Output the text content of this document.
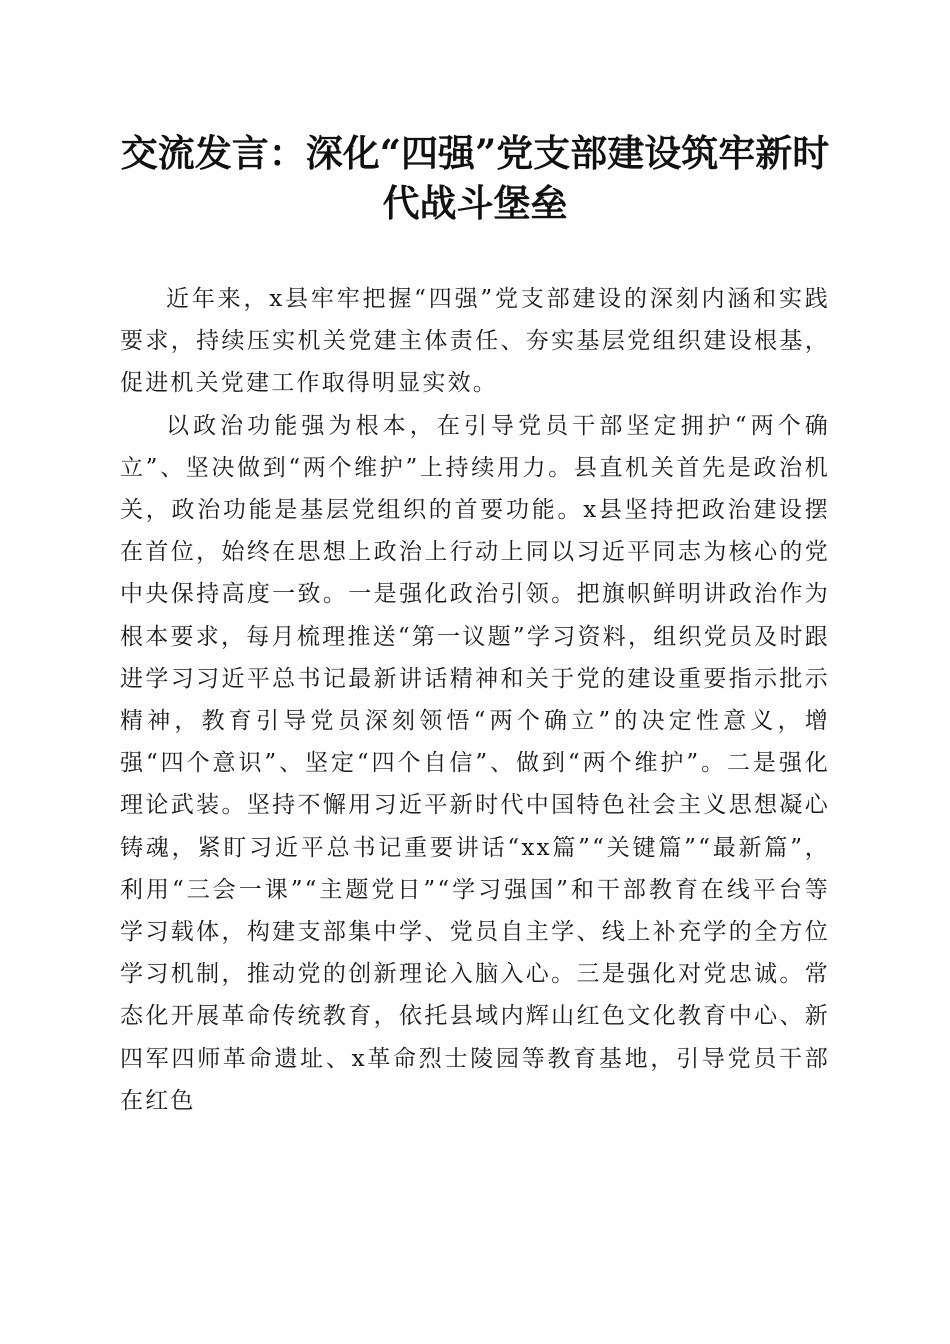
交流发言：深化“四强”党支部建设筑牢新时代战斗堡垒

近年来，x县牢牢把握“四强”党支部建设的深刻内涵和实践要求，持续压实机关党建主体责任、夯实基层党组织建设根基，促进机关党建工作取得明显实效。

以政治功能强为根本，在引导党员干部坚定拥护“两个确立”、坚决做到“两个维护”上持续用力。县直机关首先是政治机关，政治功能是基层党组织的首要功能。x县坚持把政治建设摆在首位，始终在思想上政治上行动上同以习近平同志为核心的党中央保持高度一致。一是强化政治引领。把旗帜鲜明讲政治作为根本要求，每月梳理推送“第一议题”学习资料，组织党员及时跟进学习习近平总书记最新讲话精神和关于党的建设重要指示批示精神，教育引导党员深刻领悟“两个确立”的决定性意义，增强“四个意识”、坚定“四个自信”、做到“两个维护”。二是强化理论武装。坚持不懈用习近平新时代中国特色社会主义思想凝心铸魂，紧盯习近平总书记重要讲话“xx篇”“关键篇”“最新篇”，利用“三会一课”“主题党日”“学习强国”和干部教育在线平台等学习载体，构建支部集中学、党员自主学、线上补充学的全方位学习机制，推动党的创新理论入脑入心。三是强化对党忠诚。常态化开展革命传统教育，依托县域内辉山红色文化教育中心、新四军四师革命遗址、x革命烈士陵园等教育基地，引导党员干部在红色
